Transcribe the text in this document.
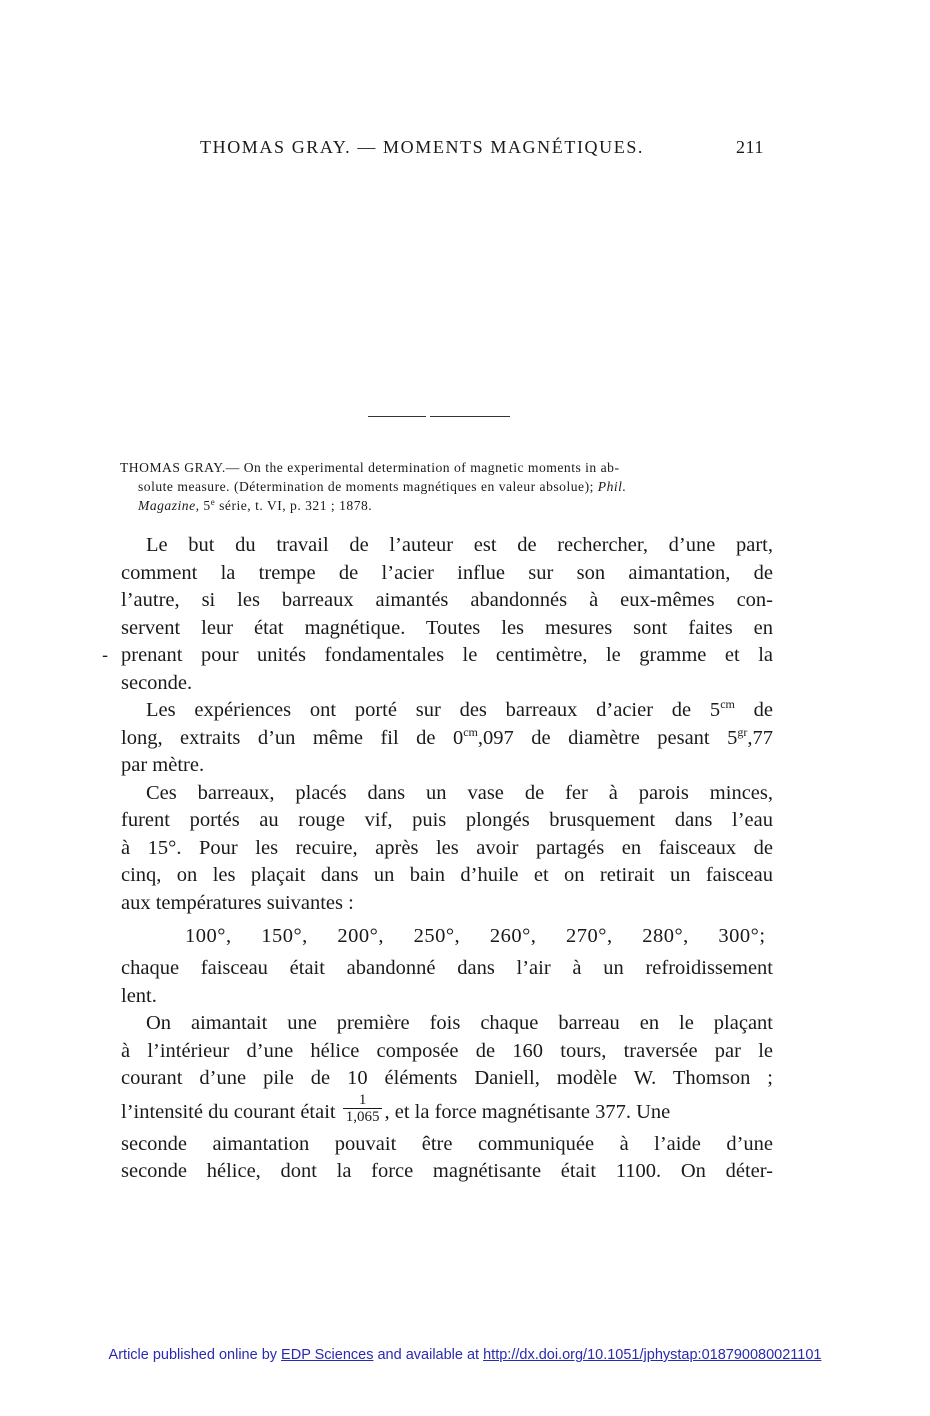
THOMAS GRAY. — MOMENTS MAGNÉTIQUES.	211
THOMAS GRAY.— On the experimental determination of magnetic moments in ab-
solute measure. (Détermination de moments magnétiques en valeur absolue); Phil.
Magazine, 5e série, t. VI, p. 321 ; 1878.
-
Le but du travail de l’auteur est de rechercher, d’une part,
comment la trempe de l’acier influe sur son aimantation, de
l’autre, si les barreaux aimantés abandonnés à eux-mêmes con-
servent leur état magnétique. Toutes les mesures sont faites en
prenant pour unités fondamentales le centimètre, le gramme et la
seconde.
Les expériences ont porté sur des barreaux d’acier de $5^{cm}$ de
long, extraits d’un même fil de $0^{cm},097$ de diamètre pesant $5^{gr},77$
par mètre.
Ces barreaux, placés dans un vase de fer à parois minces,
furent portés au rouge vif, puis plongés brusquement dans l’eau
à 15°. Pour les recuire, après les avoir partagés en faisceaux de
cinq, on les plaçait dans un bain d’huile et on retirait un faisceau
aux températures suivantes :
100°, 150°, 200°, 250°, 260°, 270°, 280°, 300°;
chaque faisceau était abandonné dans l’air à un refroidissement
lent.
On aimantait une première fois chaque barreau en le plaçant
à l’intérieur d’une hélice composée de 160 tours, traversée par le
courant d’une pile de 10 éléments Daniell, modèle W. Thomson ;
l’intensité du courant était $\frac{1}{1,065}$ , et la force magnétisante 377. Une
seconde aimantation pouvait être communiquée à l’aide d’une
seconde hélice, dont la force magnétisante était 1100. On déter-
Article published online by EDP Sciences and available at http://dx.doi.org/10.1051/jphystap:018790080021101
